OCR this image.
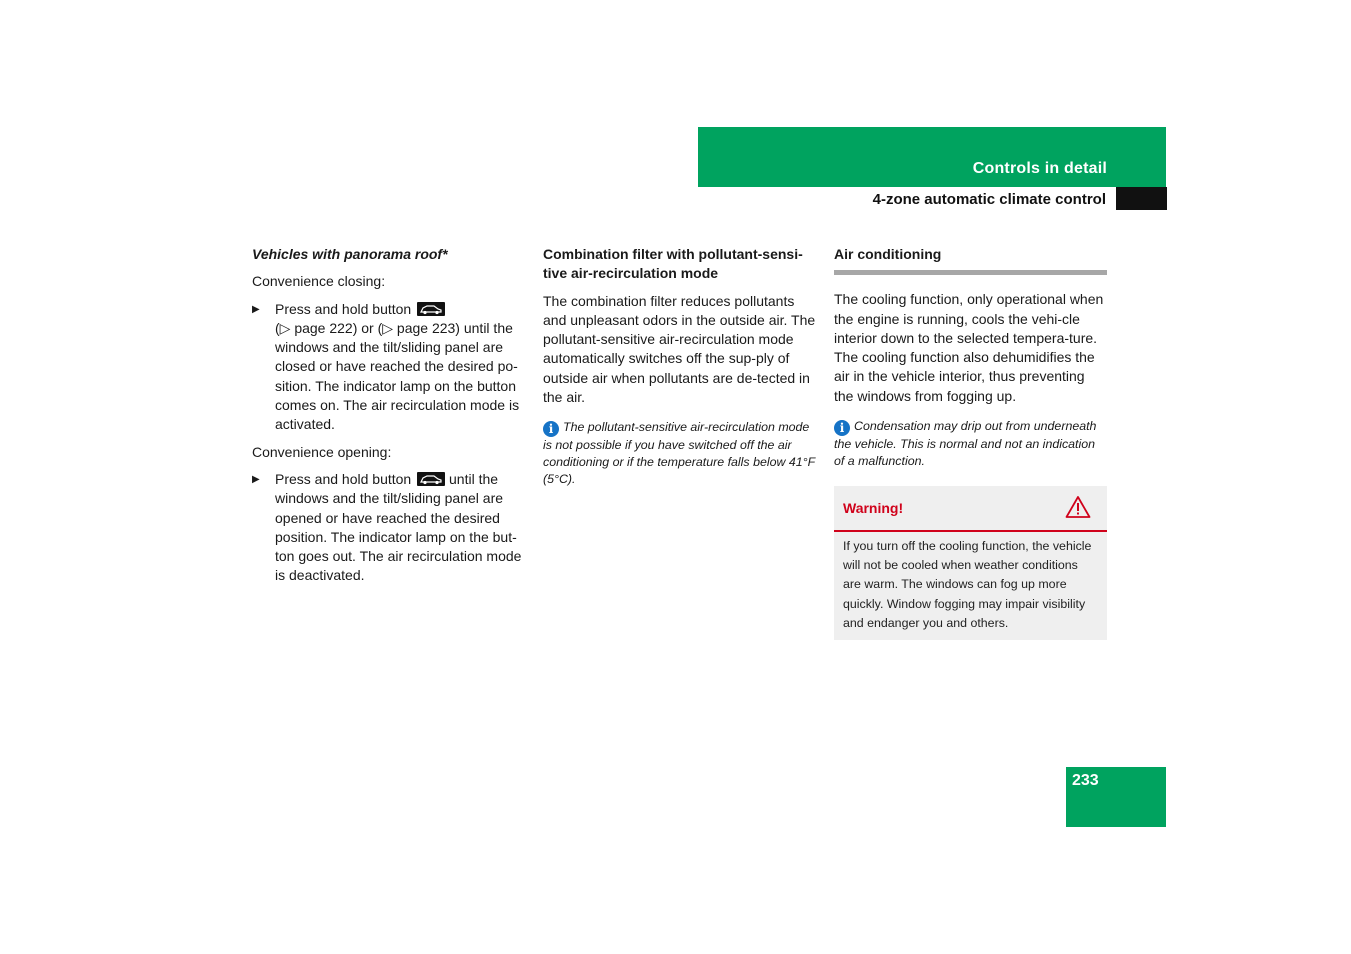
Controls in detail
4-zone automatic climate control

Vehicles with panorama roof*

Convenience closing:

▶ Press and hold button

(▷ page 222) or (▷ page 223) until the windows and the tilt/sliding panel are closed or have reached the desired po-sition. The indicator lamp on the button comes on. The air recirculation mode is activated.

Convenience opening:

▶ Press and hold button	until the windows and the tilt/sliding panel are opened or have reached the desired position. The indicator lamp on the but-ton goes out. The air recirculation mode is deactivated.

Combination filter with pollutant-sensi-tive air-recirculation mode

The combination filter reduces pollutants and unpleasant odors in the outside air. The pollutant-sensitive air-recirculation mode automatically switches off the sup-ply of outside air when pollutants are de-tected in the air.

i The pollutant-sensitive air-recirculation mode is not possible if you have switched off the air conditioning or if the temperature falls below 41°F (5°C).
Air conditioning

The cooling function, only operational when the engine is running, cools the vehi-cle interior down to the selected tempera-ture. The cooling function also dehumidifies the air in the vehicle interior, thus preventing the windows from fogging up.

i Condensation may drip out from underneath the vehicle. This is normal and not an indication of a malfunction.
Warning!
If you turn off the cooling function, the vehicle will not be cooled when weather conditions are warm. The windows can fog up more quickly. Window fogging may impair visibility and endanger you and others.
233
